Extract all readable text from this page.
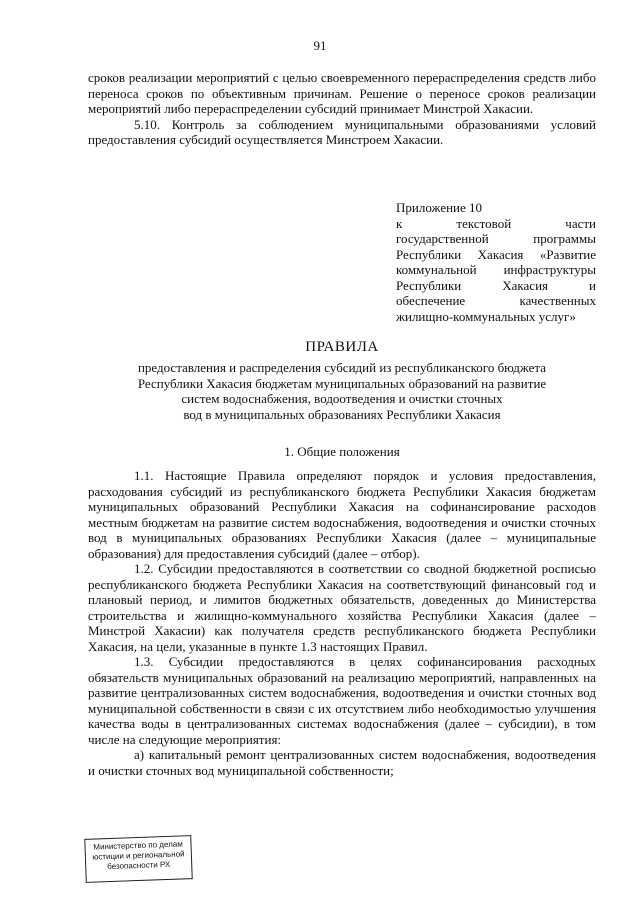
91

сроков реализации мероприятий с целью своевременного перераспределения средств либо переноса сроков по объективным причинам. Решение о переносе сроков реализации мероприятий либо перераспределении субсидий принимает Минстрой Хакасии.

5.10. Контроль за соблюдением муниципальными образованиями условий предоставления субсидий осуществляется Минстроем Хакасии.

Приложение 10

к текстовой части

государственной программы

Республики Хакасия «Развитие

коммунальной инфраструктуры

Республики Хакасия и

обеспечение качественных

жилищно-коммунальных услуг»

ПРАВИЛА
предоставления и распределения субсидий из республиканского бюджета
Республики Хакасия бюджетам муниципальных образований на развитие
систем водоснабжения, водоотведения и очистки сточных
вод в муниципальных образованиях Республики Хакасия
1. Общие положения

1.1. Настоящие Правила определяют порядок и условия предоставления, расходования субсидий из республиканского бюджета Республики Хакасия бюджетам муниципальных образований Республики Хакасия на софинансирование расходов местным бюджетам на развитие систем водоснабжения, водоотведения и очистки сточных вод в муниципальных образованиях Республики Хакасия (далее – муниципальные образования) для предоставления субсидий (далее – отбор).

1.2. Субсидии предоставляются в соответствии со сводной бюджетной росписью республиканского бюджета Республики Хакасия на соответствующий финансовый год и плановый период, и лимитов бюджетных обязательств, доведенных до Министерства строительства и жилищно-коммунального хозяйства Республики Хакасия (далее – Минстрой Хакасии) как получателя средств республиканского бюджета Республики Хакасия, на цели, указанные в пункте 1.3 настоящих Правил.

1.3. Субсидии предоставляются в целях софинансирования расходных обязательств муниципальных образований на реализацию мероприятий, направленных на развитие централизованных систем водоснабжения, водоотведения и очистки сточных вод муниципальной собственности в связи с их отсутствием либо необходимостью улучшения качества воды в централизованных системах водоснабжения (далее – субсидии), в том числе на следующие мероприятия:

а) капитальный ремонт централизованных систем водоснабжения, водоотведения и очистки сточных вод муниципальной собственности;

Министерство по делам
юстиции и региональной
безопасности РХ
